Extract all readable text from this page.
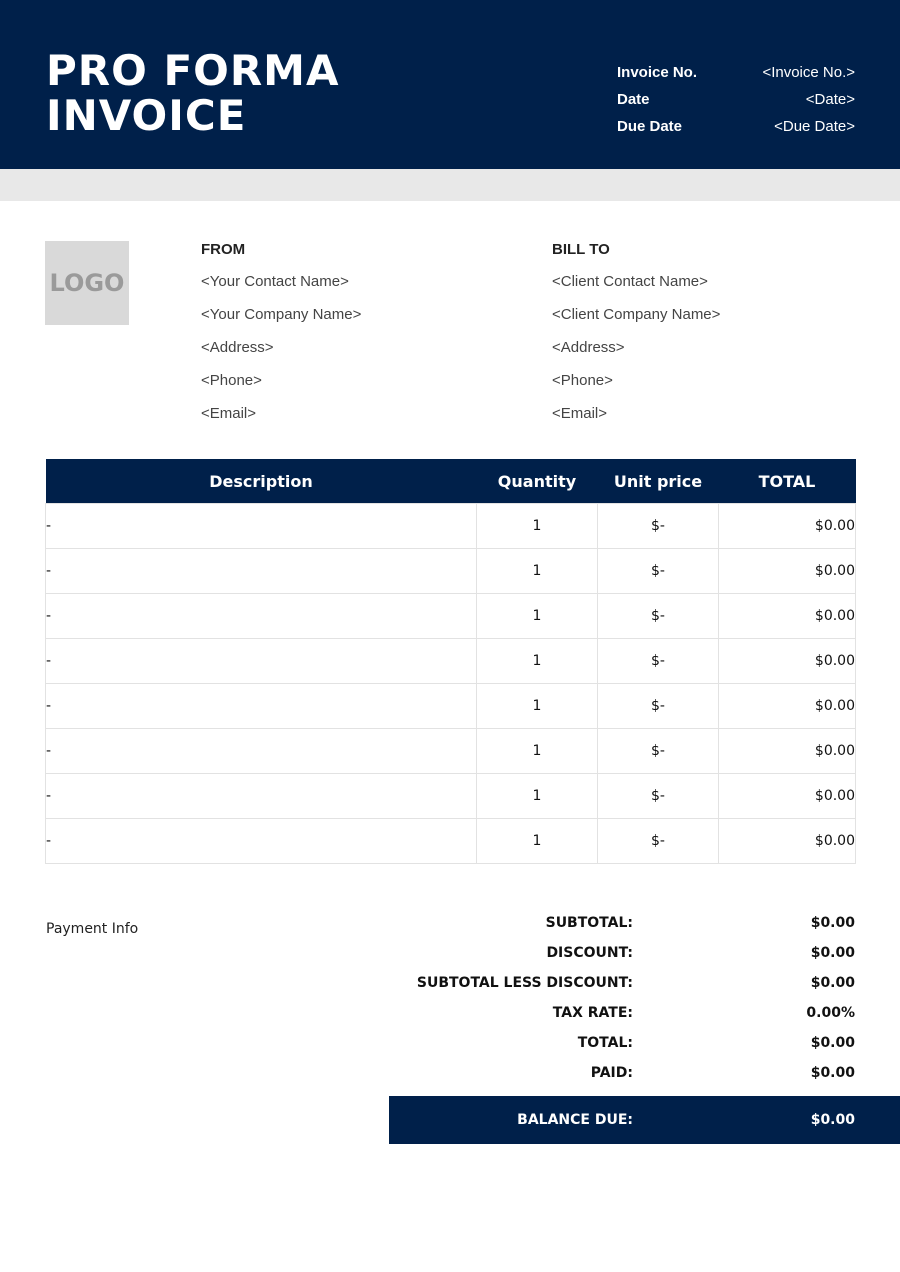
PRO FORMA
INVOICE
Invoice No.	<Invoice No.>
Date	<Date>
Due Date	<Due Date>
LOGO
FROM
<Your Contact Name>
<Your Company Name>
<Address>
<Phone>
<Email>
BILL TO
<Client Contact Name>
<Client Company Name>
<Address>
<Phone>
<Email>
Description	Quantity	Unit price	TOTAL
-	1	$-	$0.00
-	1	$-	$0.00
-	1	$-	$0.00
-	1	$-	$0.00
-	1	$-	$0.00
-	1	$-	$0.00
-	1	$-	$0.00
-	1	$-	$0.00
Payment Info	SUBTOTAL:	$0.00
DISCOUNT:	$0.00
SUBTOTAL LESS DISCOUNT:	$0.00
TAX RATE:	0.00%
TOTAL:	$0.00
PAID:	$0.00
BALANCE DUE:	$0.00
